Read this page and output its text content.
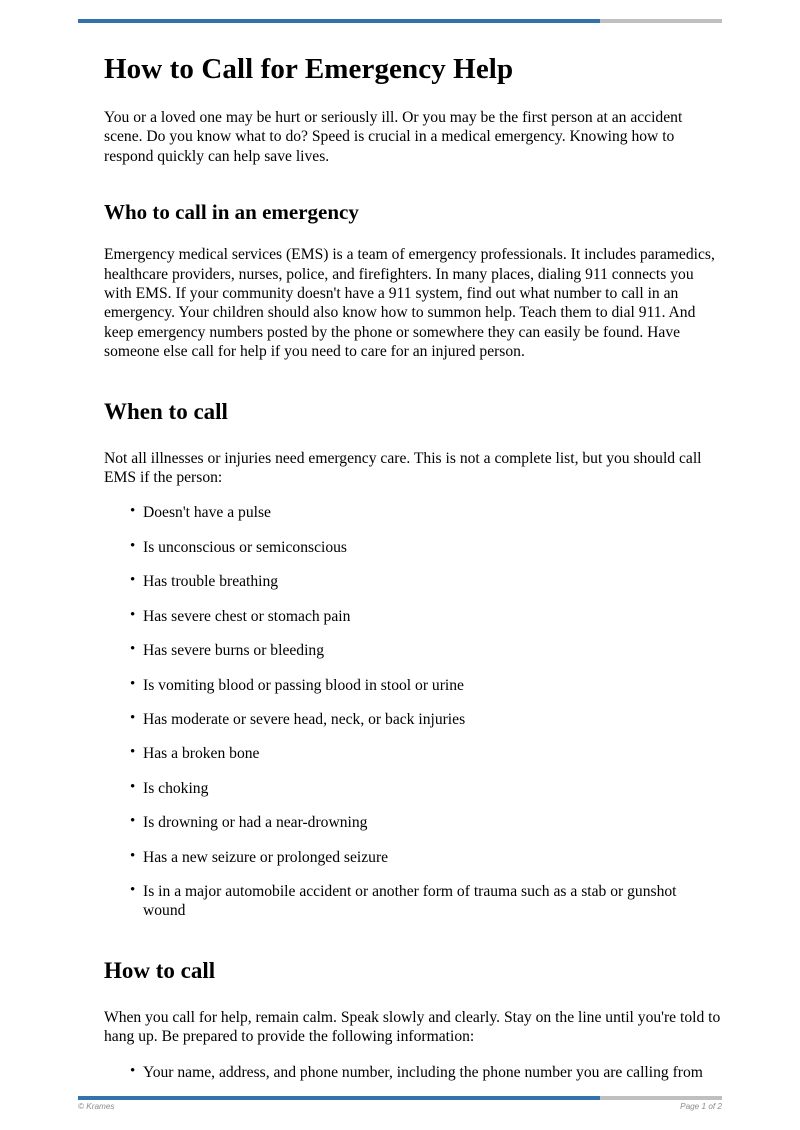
How to Call for Emergency Help

You or a loved one may be hurt or seriously ill. Or you may be the first person at an accident scene. Do you know what to do? Speed is crucial in a medical emergency. Knowing how to respond quickly can help save lives.

Who to call in an emergency

Emergency medical services (EMS) is a team of emergency professionals. It includes paramedics, healthcare providers, nurses, police, and firefighters. In many places, dialing 911 connects you with EMS. If your community doesn't have a 911 system, find out what number to call in an emergency. Your children should also know how to summon help. Teach them to dial 911. And keep emergency numbers posted by the phone or somewhere they can easily be found. Have someone else call for help if you need to care for an injured person.

When to call

Not all illnesses or injuries need emergency care. This is not a complete list, but you should call EMS if the person:

• Doesn't have a pulse
• Is unconscious or semiconscious
• Has trouble breathing
• Has severe chest or stomach pain
• Has severe burns or bleeding
• Is vomiting blood or passing blood in stool or urine
• Has moderate or severe head, neck, or back injuries
• Has a broken bone
• Is choking
• Is drowning or had a near-drowning
• Has a new seizure or prolonged seizure
• Is in a major automobile accident or another form of trauma such as a stab or gunshot wound
How to call

When you call for help, remain calm. Speak slowly and clearly. Stay on the line until you're told to hang up. Be prepared to provide the following information:

• Your name, address, and phone number, including the phone number you are calling from
© Krames	Page 1 of 2
